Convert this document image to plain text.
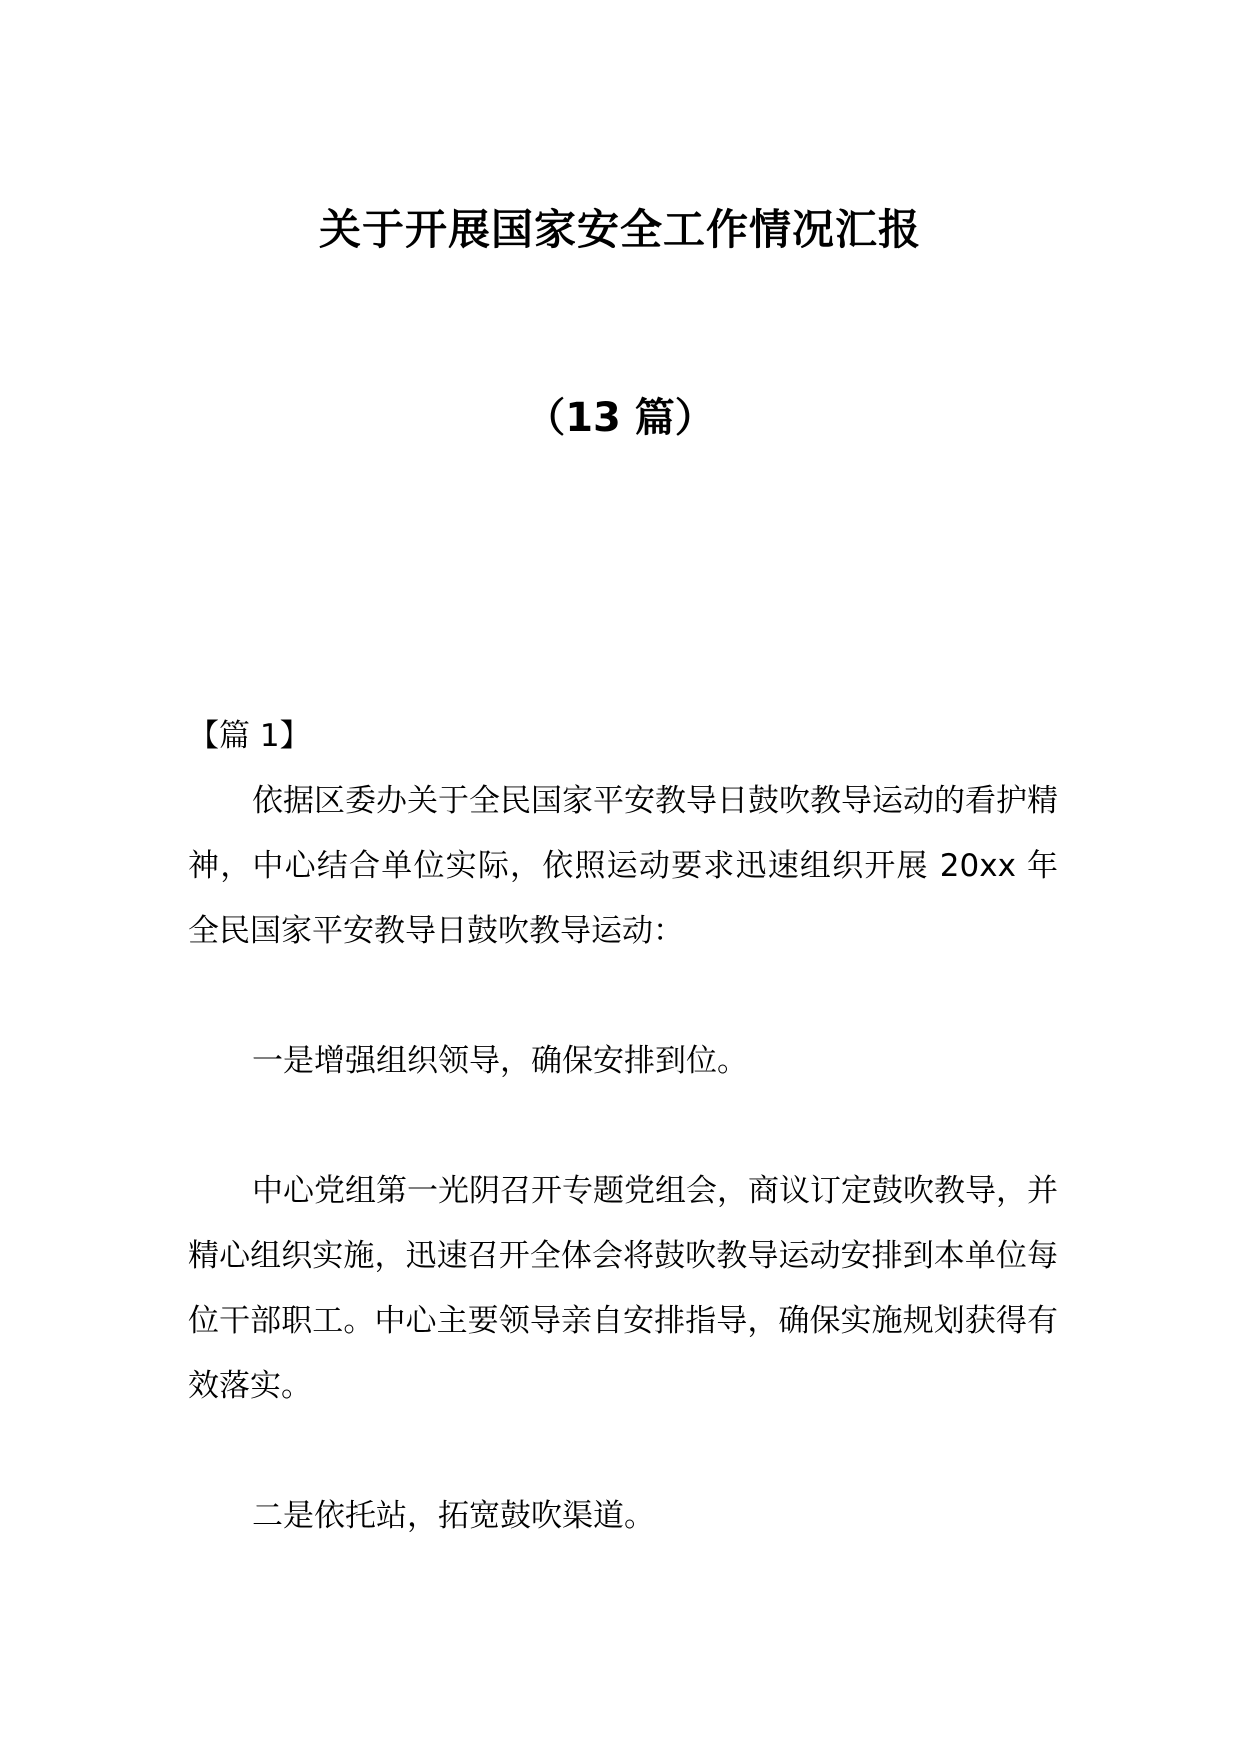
关于开展国家安全工作情况汇报
（13 篇）

【篇 1】

依据区委办关于全民国家平安教导日鼓吹教导运动的看护精神，中心结合单位实际，依照运动要求迅速组织开展 20xx 年全民国家平安教导日鼓吹教导运动：

一是增强组织领导，确保安排到位。

中心党组第一光阴召开专题党组会，商议订定鼓吹教导，并精心组织实施，迅速召开全体会将鼓吹教导运动安排到本单位每位干部职工。中心主要领导亲自安排指导，确保实施规划获得有效落实。

二是依托站，拓宽鼓吹渠道。
